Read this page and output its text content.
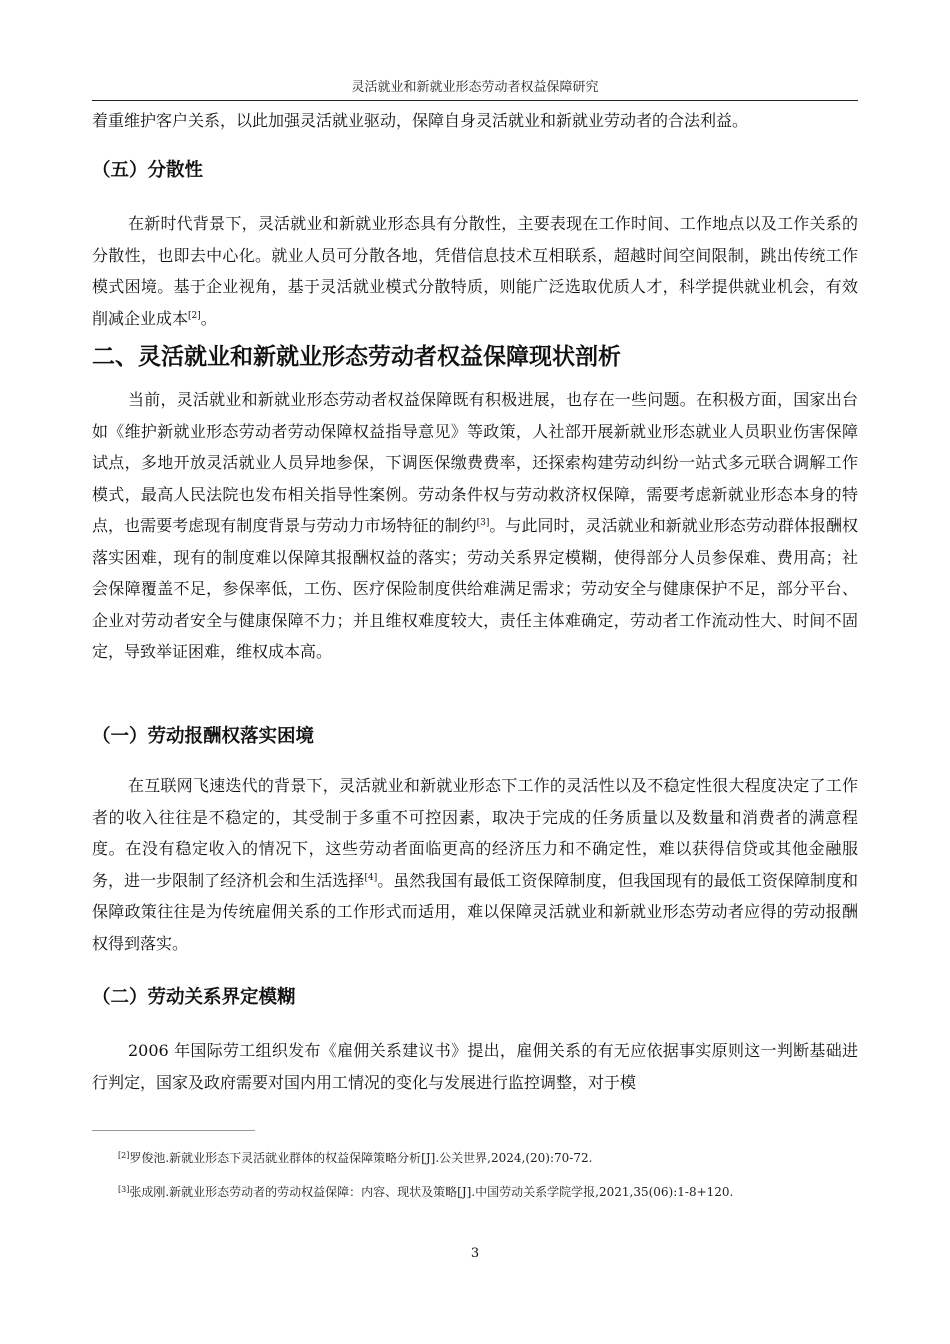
灵活就业和新就业形态劳动者权益保障研究

着重维护客户关系，以此加强灵活就业驱动，保障自身灵活就业和新就业劳动者的合法利益。

（五）分散性

在新时代背景下，灵活就业和新就业形态具有分散性，主要表现在工作时间、工作地点以及工作关系的分散性，也即去中心化。就业人员可分散各地，凭借信息技术互相联系，超越时间空间限制，跳出传统工作模式困境。基于企业视角，基于灵活就业模式分散特质，则能广泛选取优质人才，科学提供就业机会，有效削减企业成本[2]。

二、灵活就业和新就业形态劳动者权益保障现状剖析

当前，灵活就业和新就业形态劳动者权益保障既有积极进展，也存在一些问题。在积极方面，国家出台如《维护新就业形态劳动者劳动保障权益指导意见》等政策，人社部开展新就业形态就业人员职业伤害保障试点，多地开放灵活就业人员异地参保，下调医保缴费费率，还探索构建劳动纠纷一站式多元联合调解工作模式，最高人民法院也发布相关指导性案例。劳动条件权与劳动救济权保障，需要考虑新就业形态本身的特点，也需要考虑现有制度背景与劳动力市场特征的制约[3]。与此同时，灵活就业和新就业形态劳动群体报酬权落实困难，现有的制度难以保障其报酬权益的落实；劳动关系界定模糊，使得部分人员参保难、费用高；社会保障覆盖不足，参保率低，工伤、医疗保险制度供给难满足需求；劳动安全与健康保护不足，部分平台、企业对劳动者安全与健康保障不力；并且维权难度较大，责任主体难确定，劳动者工作流动性大、时间不固定，导致举证困难，维权成本高。

（一）劳动报酬权落实困境

在互联网飞速迭代的背景下，灵活就业和新就业形态下工作的灵活性以及不稳定性很大程度决定了工作者的收入往往是不稳定的，其受制于多重不可控因素，取决于完成的任务质量以及数量和消费者的满意程度。在没有稳定收入的情况下，这些劳动者面临更高的经济压力和不确定性，难以获得信贷或其他金融服务，进一步限制了经济机会和生活选择[4]。虽然我国有最低工资保障制度，但我国现有的最低工资保障制度和保障政策往往是为传统雇佣关系的工作形式而适用，难以保障灵活就业和新就业形态劳动者应得的劳动报酬权得到落实。

（二）劳动关系界定模糊

2006 年国际劳工组织发布《雇佣关系建议书》提出，雇佣关系的有无应依据事实原则这一判断基础进行判定，国家及政府需要对国内用工情况的变化与发展进行监控调整，对于模

[2]罗俊池.新就业形态下灵活就业群体的权益保障策略分析[J].公关世界,2024,(20):70-72.
[3]张成刚.新就业形态劳动者的劳动权益保障：内容、现状及策略[J].中国劳动关系学院学报,2021,35(06):1-8+120.
3
